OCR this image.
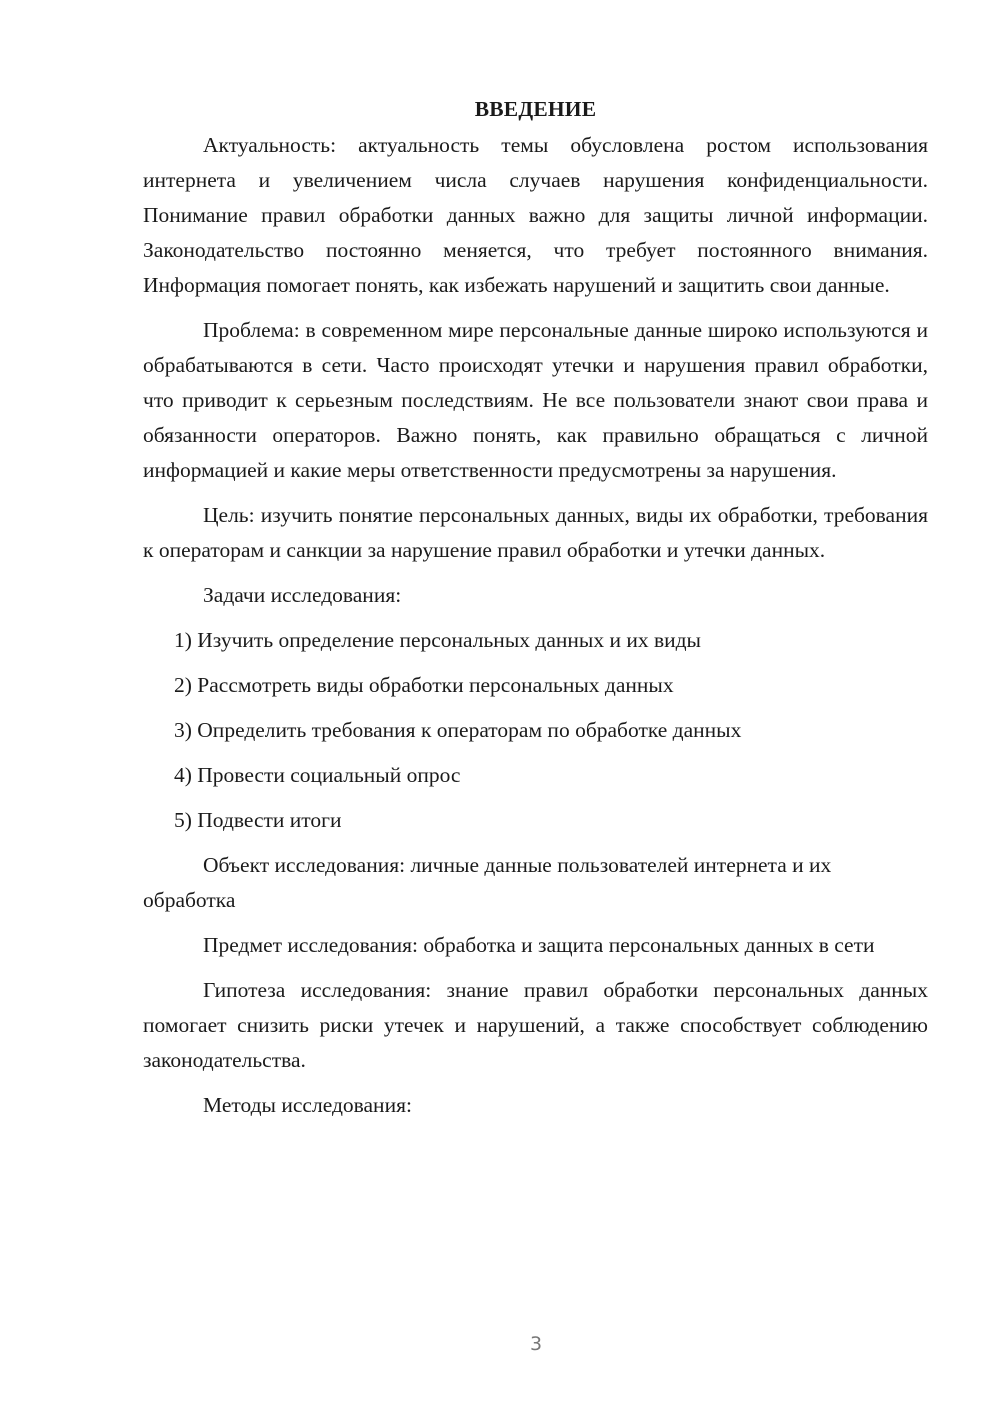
ВВЕДЕНИЕ

Актуальность: актуальность темы обусловлена ростом использования интернета и увеличением числа случаев нарушения конфиденциальности. Понимание правил обработки данных важно для защиты личной информации. Законодательство постоянно меняется, что требует постоянного внимания. Информация помогает понять, как избежать нарушений и защитить свои данные.

Проблема: в современном мире персональные данные широко используются и обрабатываются в сети. Часто происходят утечки и нарушения правил обработки, что приводит к серьезным последствиям. Не все пользователи знают свои права и обязанности операторов. Важно понять, как правильно обращаться с личной информацией и какие меры ответственности предусмотрены за нарушения.

Цель: изучить понятие персональных данных, виды их обработки, требования к операторам и санкции за нарушение правил обработки и утечки данных.

Задачи исследования:

1) Изучить определение персональных данных и их виды
2) Рассмотреть виды обработки персональных данных
3) Определить требования к операторам по обработке данных
4) Провести социальный опрос
5) Подвести итоги

Объект исследования: личные данные пользователей интернета и их обработка

Предмет исследования: обработка и защита персональных данных в сети

Гипотеза исследования: знание правил обработки персональных данных помогает снизить риски утечек и нарушений, а также способствует соблюдению законодательства.

Методы исследования:

3
